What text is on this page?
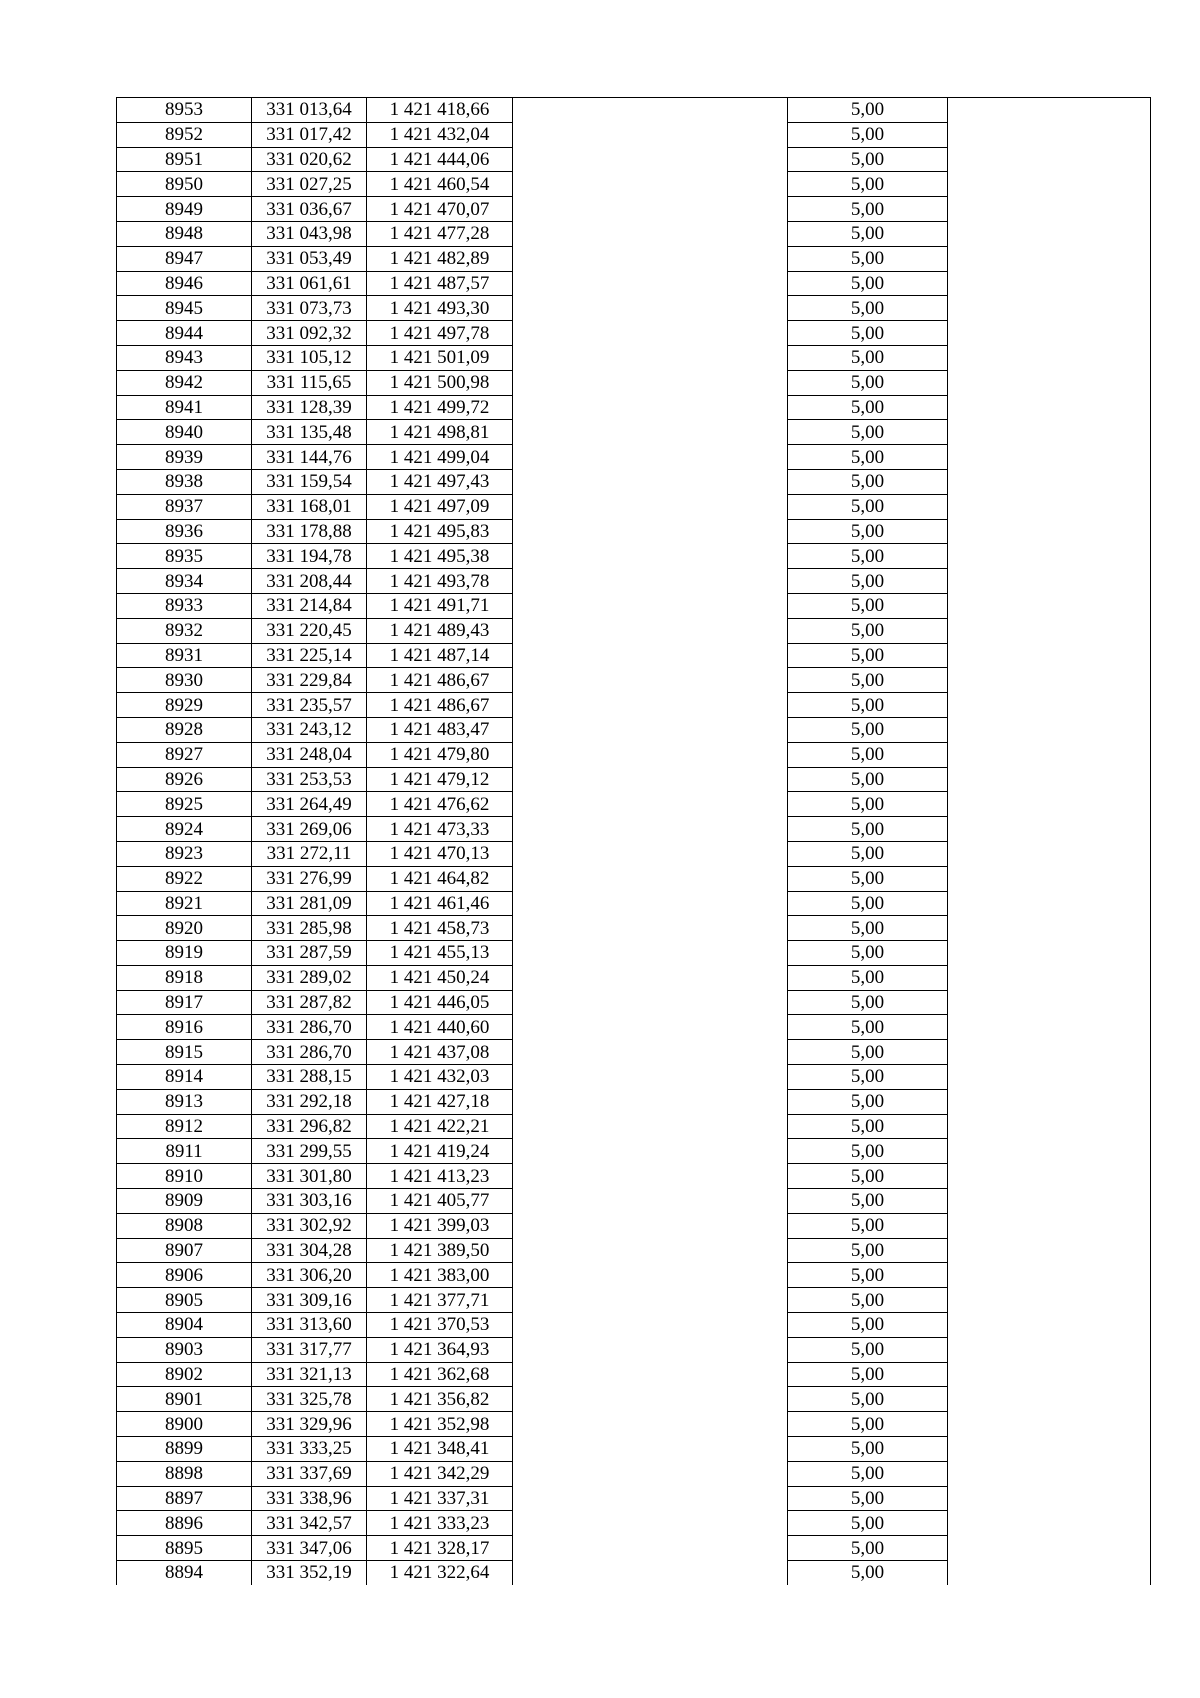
8953	331 013,64	1 421 418,66		5,00	
8952	331 017,42	1 421 432,04		5,00	
8951	331 020,62	1 421 444,06		5,00	
8950	331 027,25	1 421 460,54		5,00	
8949	331 036,67	1 421 470,07		5,00	
8948	331 043,98	1 421 477,28		5,00	
8947	331 053,49	1 421 482,89		5,00	
8946	331 061,61	1 421 487,57		5,00	
8945	331 073,73	1 421 493,30		5,00	
8944	331 092,32	1 421 497,78		5,00	
8943	331 105,12	1 421 501,09		5,00	
8942	331 115,65	1 421 500,98		5,00	
8941	331 128,39	1 421 499,72		5,00	
8940	331 135,48	1 421 498,81		5,00	
8939	331 144,76	1 421 499,04		5,00	
8938	331 159,54	1 421 497,43		5,00	
8937	331 168,01	1 421 497,09		5,00	
8936	331 178,88	1 421 495,83		5,00	
8935	331 194,78	1 421 495,38		5,00	
8934	331 208,44	1 421 493,78		5,00	
8933	331 214,84	1 421 491,71		5,00	
8932	331 220,45	1 421 489,43		5,00	
8931	331 225,14	1 421 487,14		5,00	
8930	331 229,84	1 421 486,67		5,00	
8929	331 235,57	1 421 486,67		5,00	
8928	331 243,12	1 421 483,47		5,00	
8927	331 248,04	1 421 479,80		5,00	
8926	331 253,53	1 421 479,12		5,00	
8925	331 264,49	1 421 476,62		5,00	
8924	331 269,06	1 421 473,33		5,00	
8923	331 272,11	1 421 470,13		5,00	
8922	331 276,99	1 421 464,82		5,00	
8921	331 281,09	1 421 461,46		5,00	
8920	331 285,98	1 421 458,73		5,00	
8919	331 287,59	1 421 455,13		5,00	
8918	331 289,02	1 421 450,24		5,00	
8917	331 287,82	1 421 446,05		5,00	
8916	331 286,70	1 421 440,60		5,00	
8915	331 286,70	1 421 437,08		5,00	
8914	331 288,15	1 421 432,03		5,00	
8913	331 292,18	1 421 427,18		5,00	
8912	331 296,82	1 421 422,21		5,00	
8911	331 299,55	1 421 419,24		5,00	
8910	331 301,80	1 421 413,23		5,00	
8909	331 303,16	1 421 405,77		5,00	
8908	331 302,92	1 421 399,03		5,00	
8907	331 304,28	1 421 389,50		5,00	
8906	331 306,20	1 421 383,00		5,00	
8905	331 309,16	1 421 377,71		5,00	
8904	331 313,60	1 421 370,53		5,00	
8903	331 317,77	1 421 364,93		5,00	
8902	331 321,13	1 421 362,68		5,00	
8901	331 325,78	1 421 356,82		5,00	
8900	331 329,96	1 421 352,98		5,00	
8899	331 333,25	1 421 348,41		5,00	
8898	331 337,69	1 421 342,29		5,00	
8897	331 338,96	1 421 337,31		5,00	
8896	331 342,57	1 421 333,23		5,00	
8895	331 347,06	1 421 328,17		5,00	
8894	331 352,19	1 421 322,64		5,00	
